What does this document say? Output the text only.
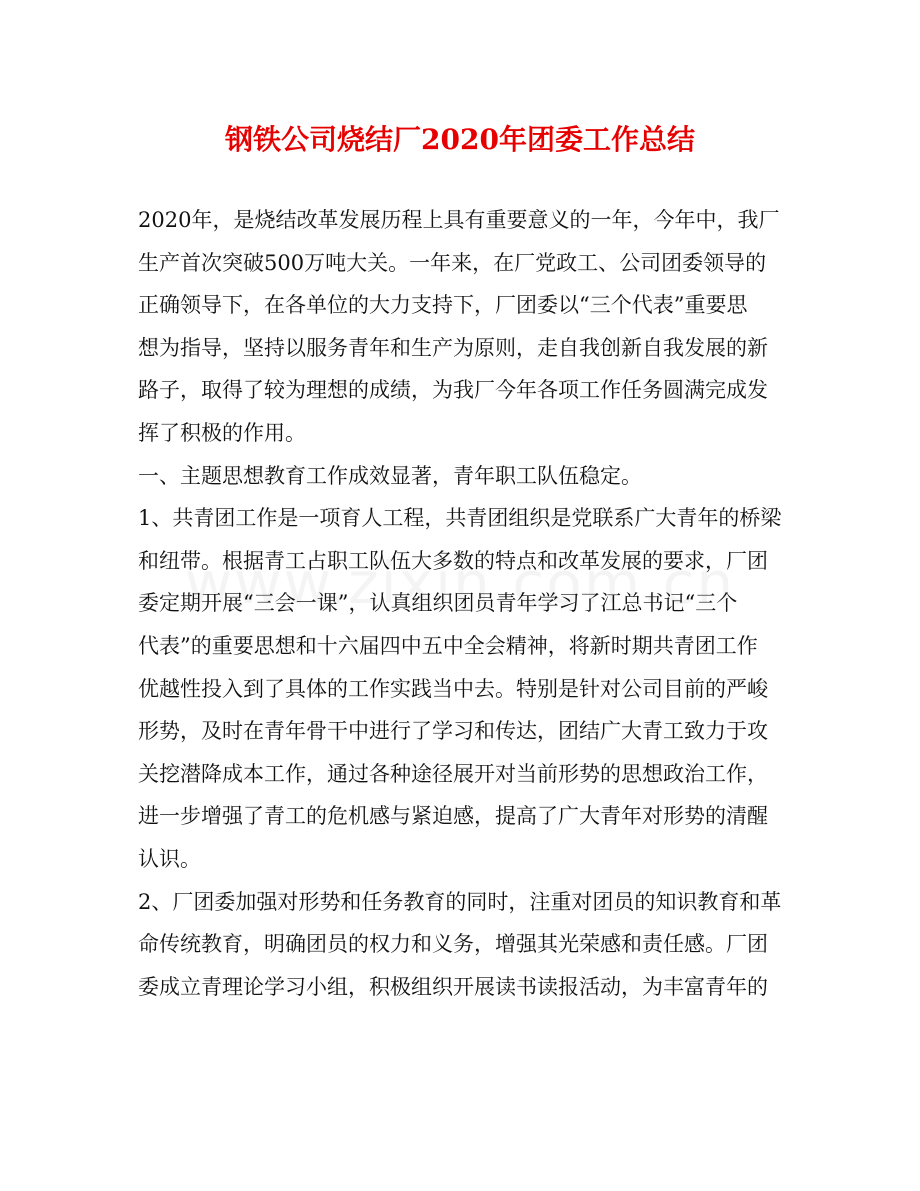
钢铁公司烧结厂2020年团委工作总结
2020年，是烧结改革发展历程上具有重要意义的一年，今年中，我厂
生产首次突破500万吨大关。一年来，在厂党政工、公司团委领导的
正确领导下，在各单位的大力支持下，厂团委以“三个代表”重要思
想为指导，坚持以服务青年和生产为原则，走自我创新自我发展的新
路子，取得了较为理想的成绩，为我厂今年各项工作任务圆满完成发
挥了积极的作用。
一、主题思想教育工作成效显著，青年职工队伍稳定。
1、共青团工作是一项育人工程，共青团组织是党联系广大青年的桥梁
和纽带。根据青工占职工队伍大多数的特点和改革发展的要求，厂团
委定期开展“三会一课”，认真组织团员青年学习了江总书记“三个
代表”的重要思想和十六届四中五中全会精神，将新时期共青团工作
优越性投入到了具体的工作实践当中去。特别是针对公司目前的严峻
形势，及时在青年骨干中进行了学习和传达，团结广大青工致力于攻
关挖潜降成本工作，通过各种途径展开对当前形势的思想政治工作，
进一步增强了青工的危机感与紧迫感，提高了广大青年对形势的清醒
认识。
2、厂团委加强对形势和任务教育的同时，注重对团员的知识教育和革
命传统教育，明确团员的权力和义务，增强其光荣感和责任感。厂团
委成立青理论学习小组，积极组织开展读书读报活动，为丰富青年的
